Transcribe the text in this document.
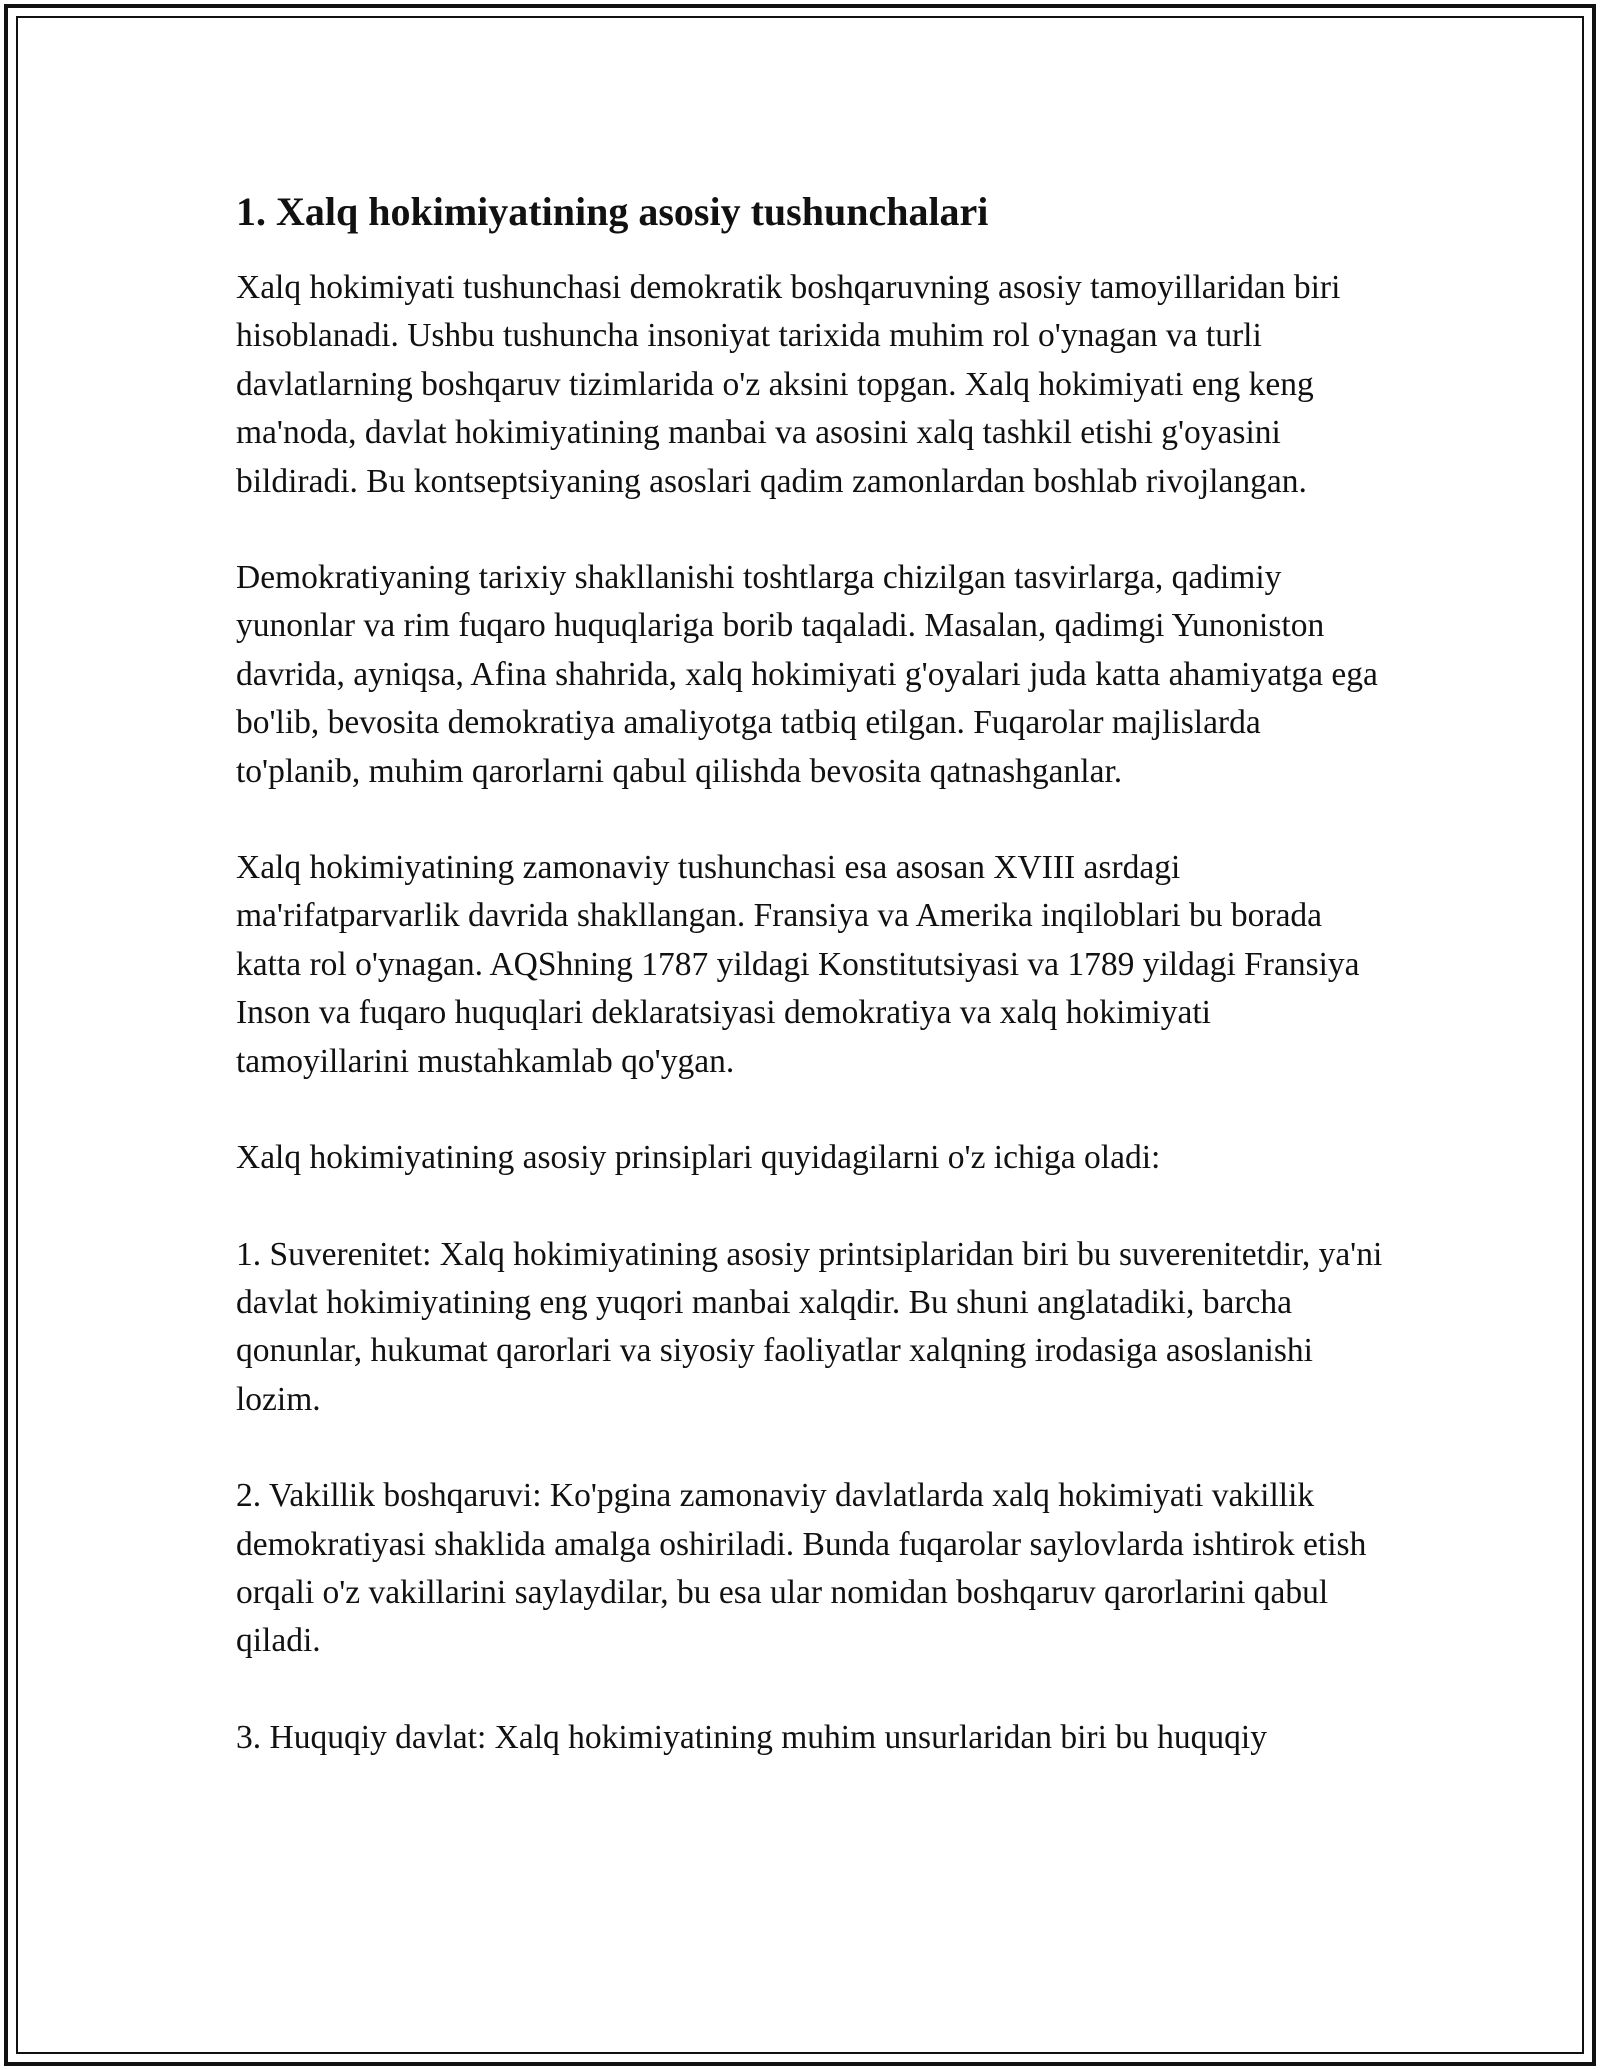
1. Xalq hokimiyatining asosiy tushunchalari

Xalq hokimiyati tushunchasi demokratik boshqaruvning asosiy tamoyillaridan biri hisoblanadi. Ushbu tushuncha insoniyat tarixida muhim rol o'ynagan va turli davlatlarning boshqaruv tizimlarida o'z aksini topgan. Xalq hokimiyati eng keng ma'noda, davlat hokimiyatining manbai va asosini xalq tashkil etishi g'oyasini bildiradi. Bu kontseptsiyaning asoslari qadim zamonlardan boshlab rivojlangan.

Demokratiyaning tarixiy shakllanishi toshtlarga chizilgan tasvirlarga, qadimiy yunonlar va rim fuqaro huquqlariga borib taqaladi. Masalan, qadimgi Yunoniston davrida, ayniqsa, Afina shahrida, xalq hokimiyati g'oyalari juda katta ahamiyatga ega bo'lib, bevosita demokratiya amaliyotga tatbiq etilgan. Fuqarolar majlislarda to'planib, muhim qarorlarni qabul qilishda bevosita qatnashganlar.

Xalq hokimiyatining zamonaviy tushunchasi esa asosan XVIII asrdagi ma'rifatparvarlik davrida shakllangan. Fransiya va Amerika inqiloblari bu borada katta rol o'ynagan. AQShning 1787 yildagi Konstitutsiyasi va 1789 yildagi Fransiya Inson va fuqaro huquqlari deklaratsiyasi demokratiya va xalq hokimiyati tamoyillarini mustahkamlab qo'ygan.

Xalq hokimiyatining asosiy prinsiplari quyidagilarni o'z ichiga oladi:

1. Suverenitet: Xalq hokimiyatining asosiy printsiplaridan biri bu suverenitetdir, ya'ni davlat hokimiyatining eng yuqori manbai xalqdir. Bu shuni anglatadiki, barcha qonunlar, hukumat qarorlari va siyosiy faoliyatlar xalqning irodasiga asoslanishi lozim.

2. Vakillik boshqaruvi: Ko'pgina zamonaviy davlatlarda xalq hokimiyati vakillik demokratiyasi shaklida amalga oshiriladi. Bunda fuqarolar saylovlarda ishtirok etish orqali o'z vakillarini saylaydilar, bu esa ular nomidan boshqaruv qarorlarini qabul qiladi.

3. Huquqiy davlat: Xalq hokimiyatining muhim unsurlaridan biri bu huquqiy
